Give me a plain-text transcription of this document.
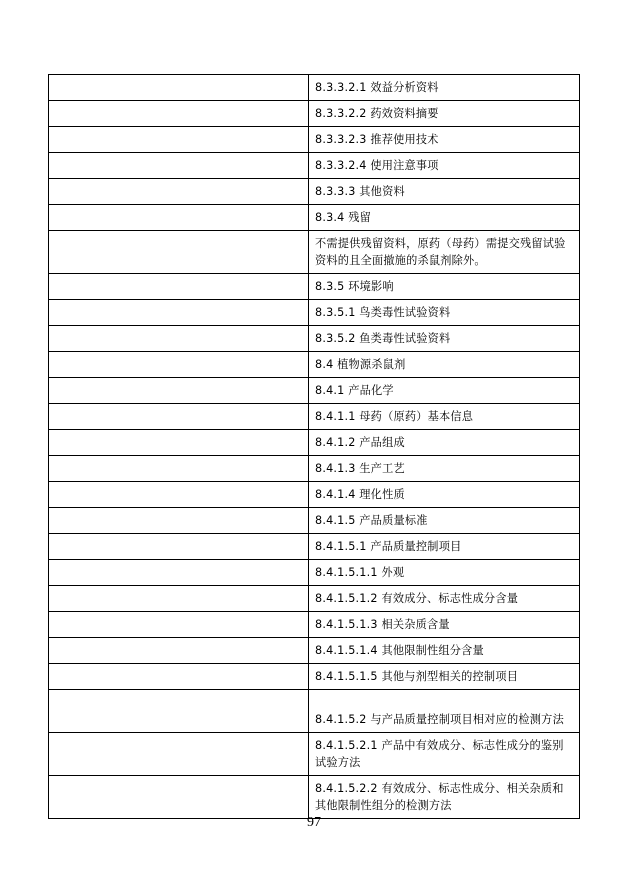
	8.3.3.2.1 效益分析资料
	8.3.3.2.2 药效资料摘要
	8.3.3.2.3 推荐使用技术
	8.3.3.2.4 使用注意事项
	8.3.3.3 其他资料
	8.3.4 残留
	不需提供残留资料，原药（母药）需提交残留试验资料的且全面撤施的杀鼠剂除外。
	8.3.5 环境影响
	8.3.5.1 鸟类毒性试验资料
	8.3.5.2 鱼类毒性试验资料
	8.4 植物源杀鼠剂
	8.4.1 产品化学
	8.4.1.1 母药（原药）基本信息
	8.4.1.2 产品组成
	8.4.1.3 生产工艺
	8.4.1.4 理化性质
	8.4.1.5 产品质量标准
	8.4.1.5.1 产品质量控制项目
	8.4.1.5.1.1 外观
	8.4.1.5.1.2 有效成分、标志性成分含量
	8.4.1.5.1.3 相关杂质含量
	8.4.1.5.1.4 其他限制性组分含量
	8.4.1.5.1.5 其他与剂型相关的控制项目
	8.4.1.5.2 与产品质量控制项目相对应的检测方法
	8.4.1.5.2.1 产品中有效成分、标志性成分的鉴别试验方法
	8.4.1.5.2.2 有效成分、标志性成分、相关杂质和其他限制性组分的检测方法
97
